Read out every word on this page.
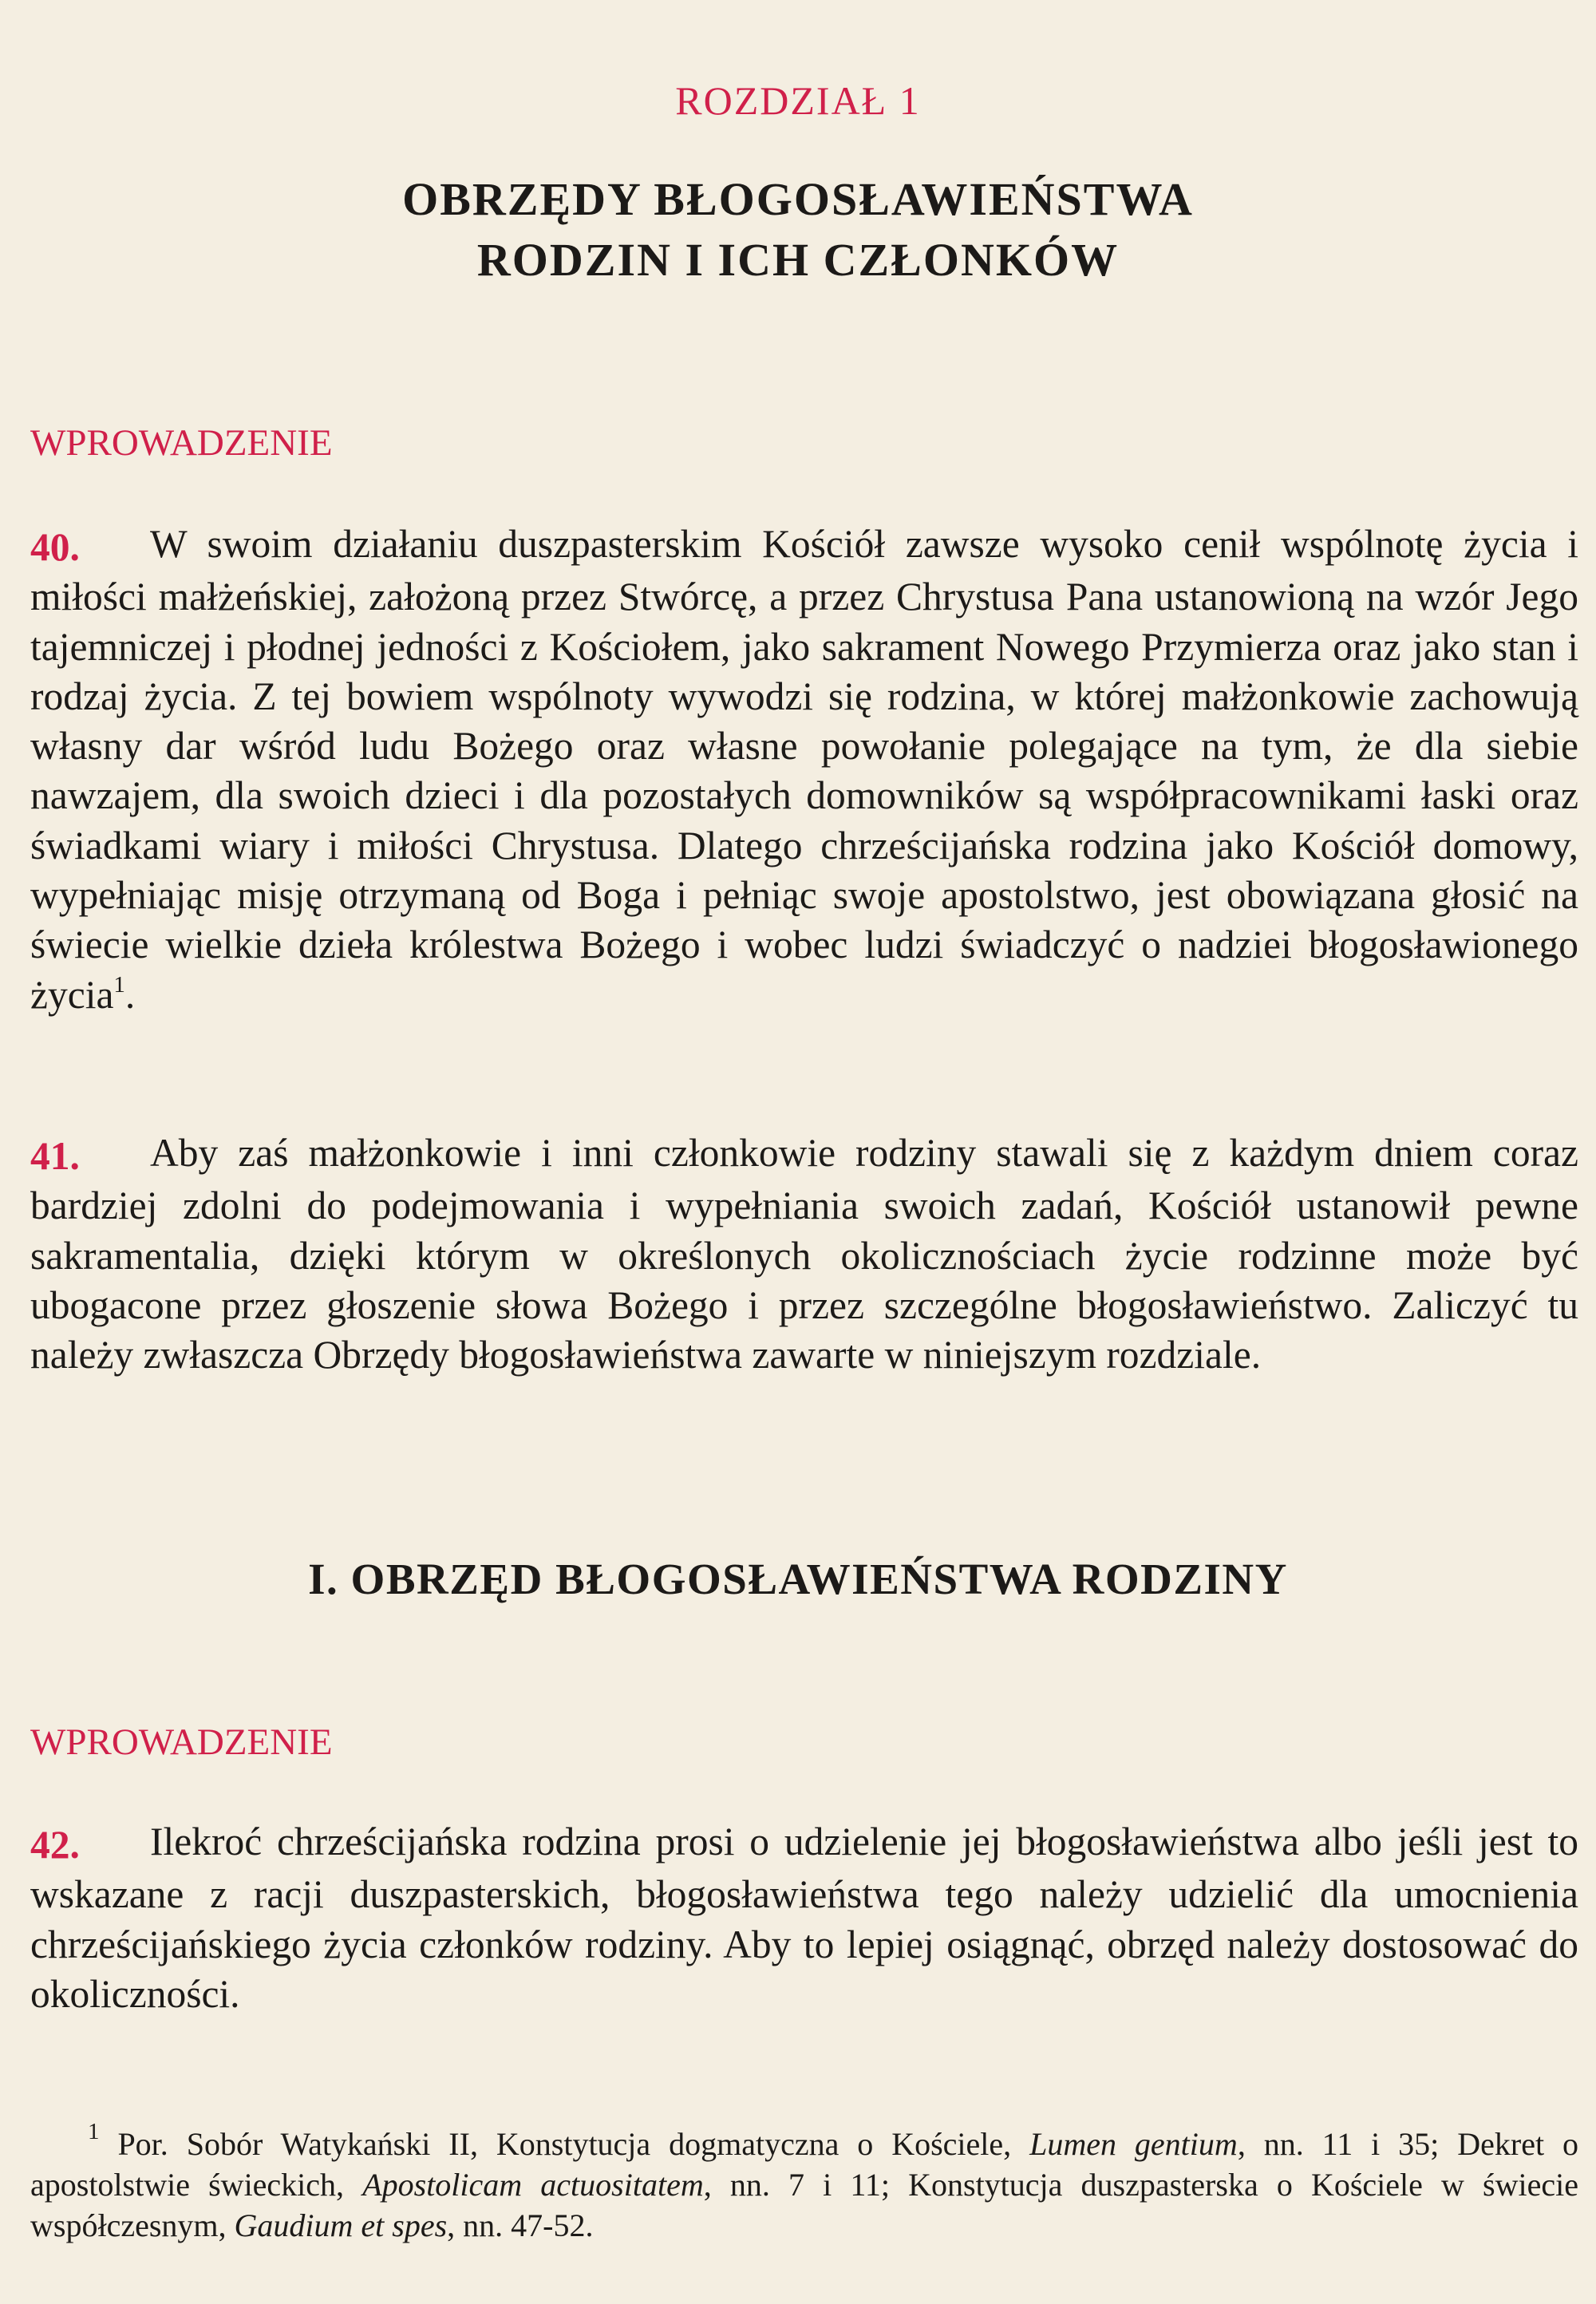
ROZDZIAŁ 1
OBRZĘDY BŁOGOSŁAWIEŃSTWA
RODZIN I ICH CZŁONKÓW
WPROWADZENIE
40. W swoim działaniu duszpasterskim Kościół zawsze wysoko cenił wspólnotę życia i miłości małżeńskiej, założoną przez Stwórcę, a przez Chrystusa Pana ustanowioną na wzór Jego tajemniczej i płodnej jedności z Kościołem, jako sakrament Nowego Przymierza oraz jako stan i rodzaj życia. Z tej bowiem wspólnoty wywodzi się rodzina, w której małżonkowie zachowują własny dar wśród ludu Bożego oraz własne powołanie polegające na tym, że dla siebie nawzajem, dla swoich dzieci i dla pozostałych domowników są współpracownikami łaski oraz świadkami wiary i miłości Chrystusa. Dlatego chrześcijańska rodzina jako Kościół domowy, wypełniając misję otrzymaną od Boga i pełniąc swoje apostolstwo, jest obowiązana głosić na świecie wielkie dzieła królestwa Bożego i wobec ludzi świadczyć o nadziei błogosławionego życia$^1$.
41. Aby zaś małżonkowie i inni członkowie rodziny stawali się z każdym dniem coraz bardziej zdolni do podejmowania i wypełniania swoich zadań, Kościół ustanowił pewne sakramentalia, dzięki którym w określonych okolicznościach życie rodzinne może być ubogacone przez głoszenie słowa Bożego i przez szczególne błogosławieństwo. Zaliczyć tu należy zwłaszcza Obrzędy błogosławieństwa zawarte w niniejszym rozdziale.
I. OBRZĘD BŁOGOSŁAWIEŃSTWA RODZINY
WPROWADZENIE
42. Ilekroć chrześcijańska rodzina prosi o udzielenie jej błogosławieństwa albo jeśli jest to wskazane z racji duszpasterskich, błogosławieństwa tego należy udzielić dla umocnienia chrześcijańskiego życia członków rodziny. Aby to lepiej osiągnąć, obrzęd należy dostosować do okoliczności.
$^1$ Por. Sobór Watykański II, Konstytucja dogmatyczna o Kościele, Lumen gentium, nn. 11 i 35; Dekret o apostolstwie świeckich, Apostolicam actuositatem, nn. 7 i 11; Konstytucja duszpasterska o Kościele w świecie współczesnym, Gaudium et spes, nn. 47-52.
